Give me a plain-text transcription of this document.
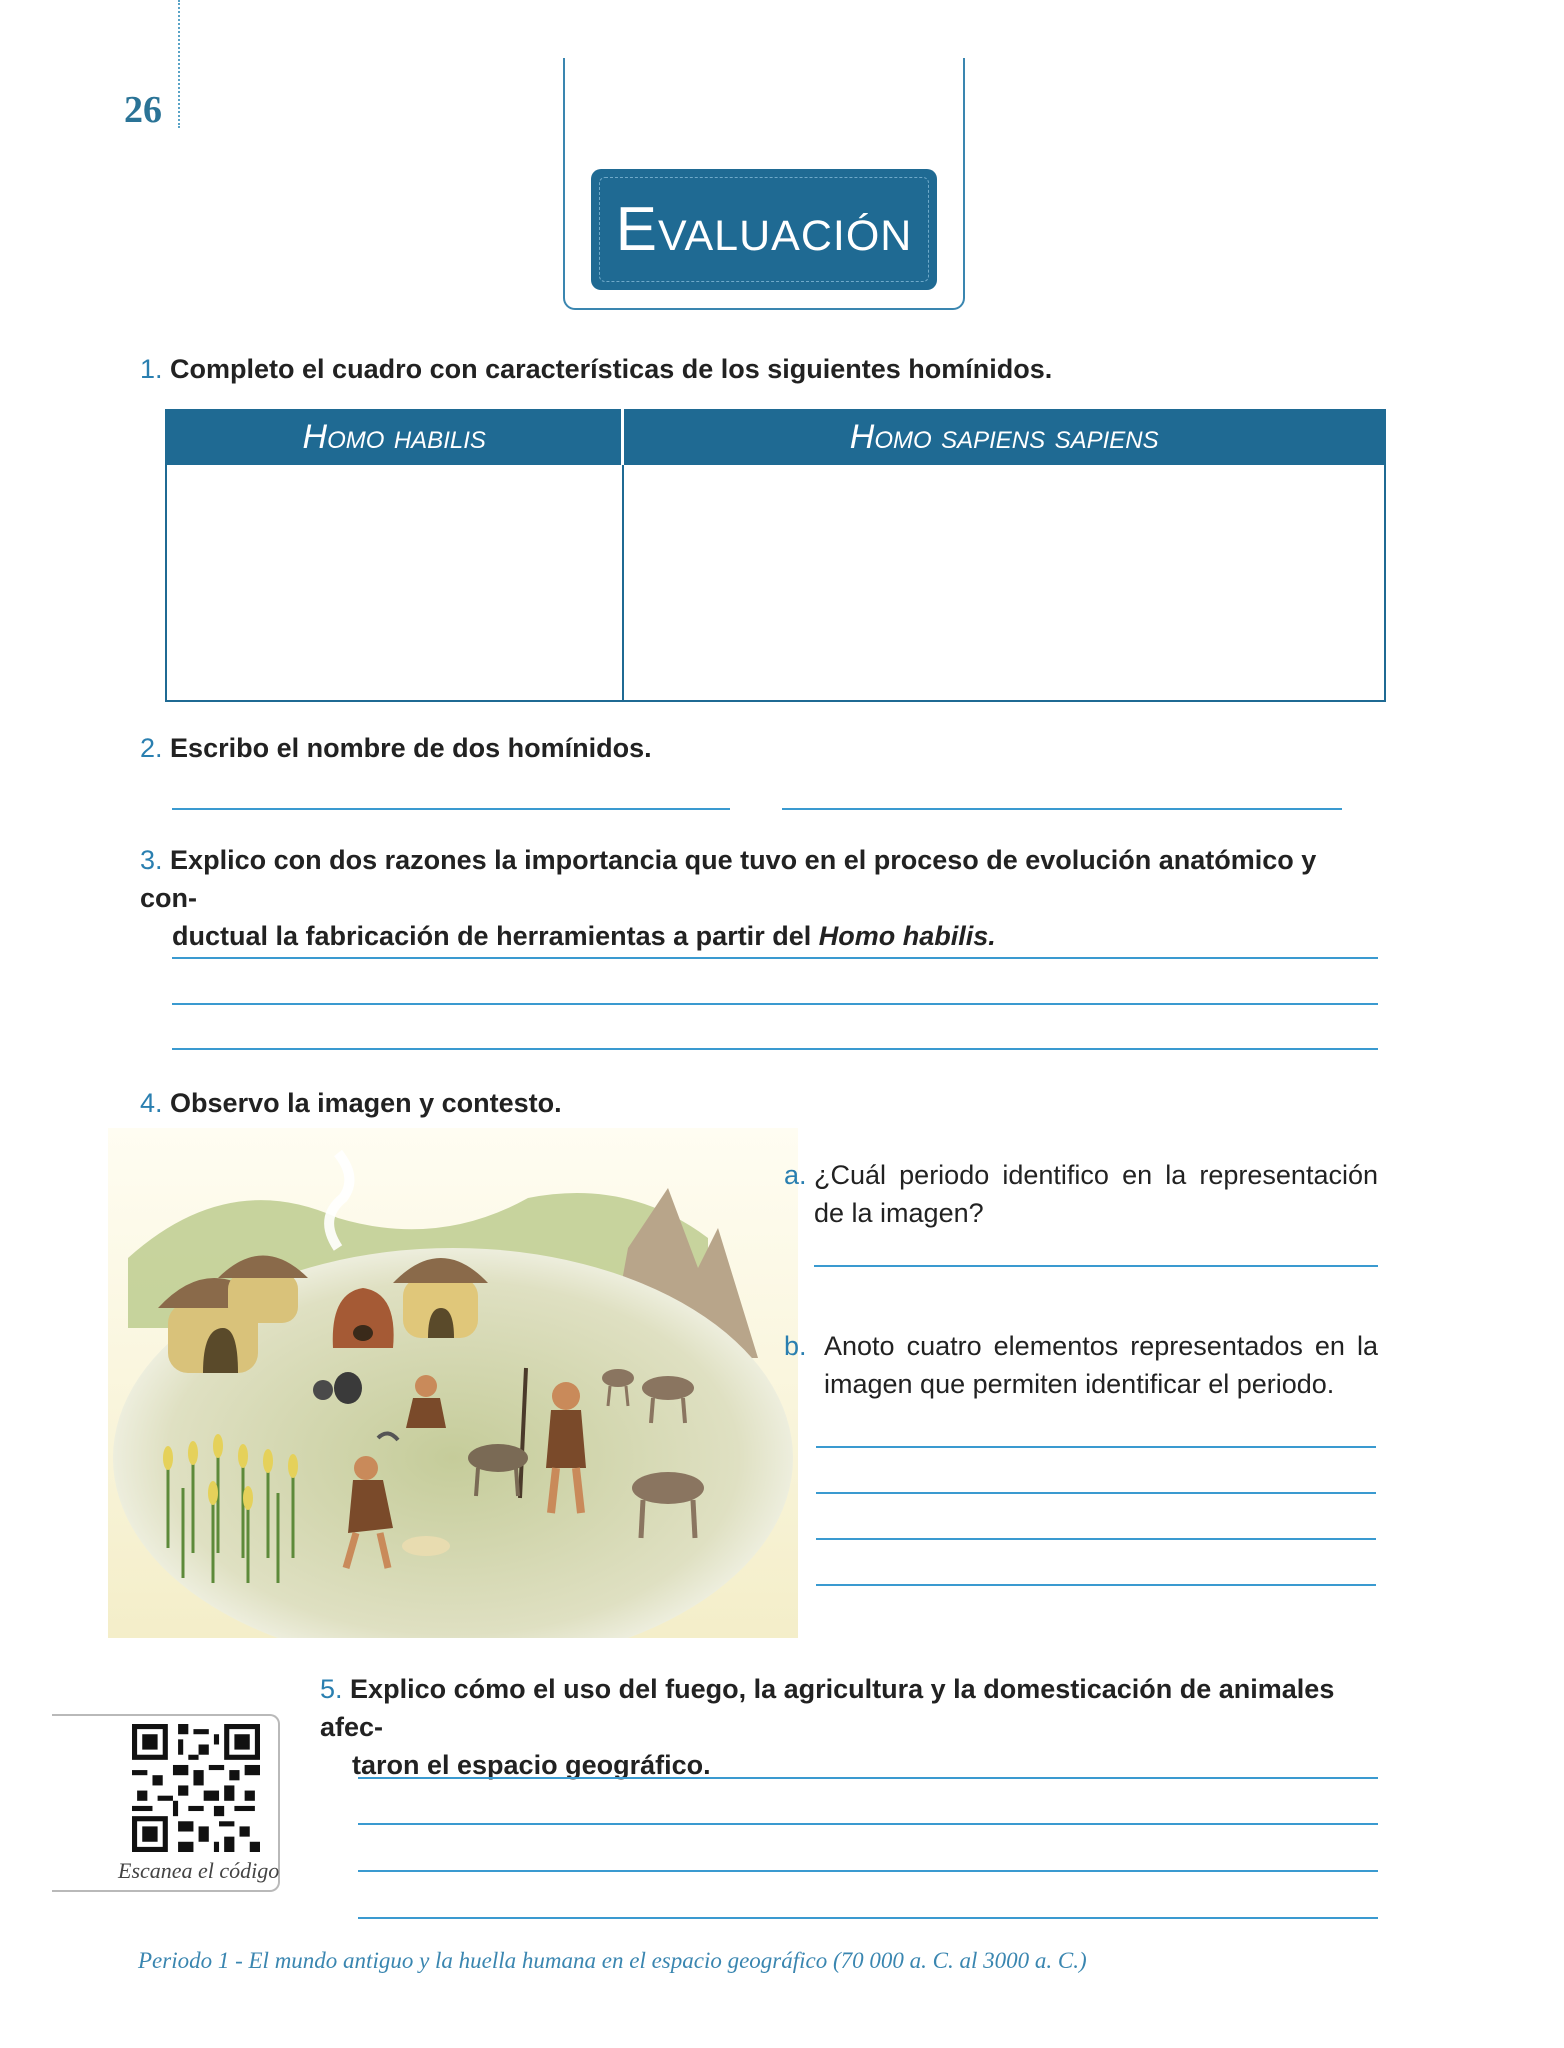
26
Evaluación
1. Completo el cuadro con características de los siguientes homínidos.
Homo habilis	Homo sapiens sapiens

2. Escribo el nombre de dos homínidos.
3. Explico con dos razones la importancia que tuvo en el proceso de evolución anatómico y con-
ductual la fabricación de herramientas a partir del Homo habilis.
4. Observo la imagen y contesto.
a. ¿Cuál periodo identifico en la representación de la imagen?
b. Anoto cuatro elementos representados en la imagen que permiten identificar el periodo.
5. Explico cómo el uso del fuego, la agricultura y la domesticación de animales afec-
taron el espacio geográfico.
Escanea el código
Periodo 1 - El mundo antiguo y la huella humana en el espacio geográfico (70 000 a. C. al 3000 a. C.)
